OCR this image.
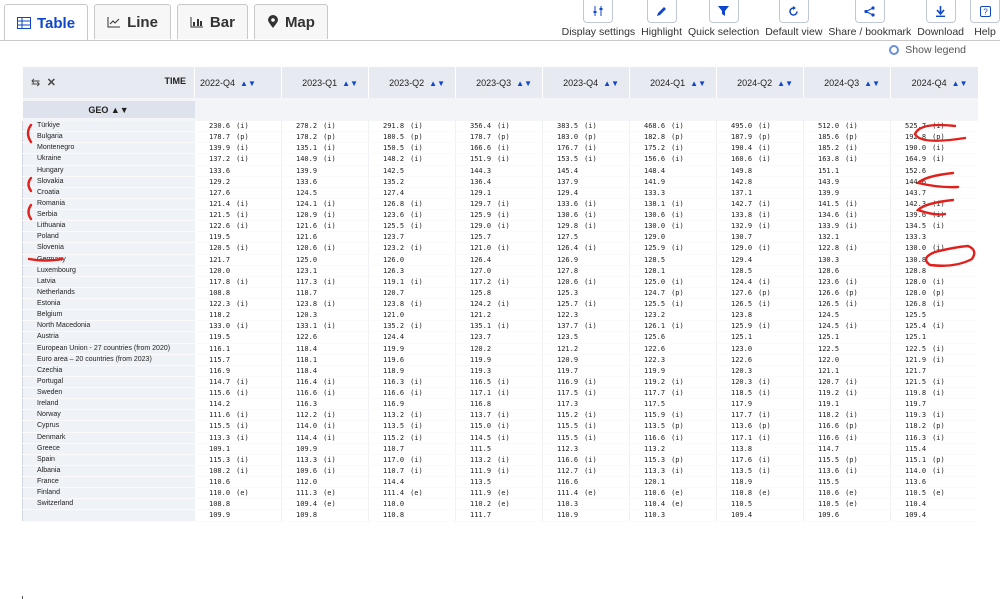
Table	Line	Bar	Map
Display settings Highlight Quick selection Default view Share / bookmark Download
?
Help
Show legend
⇆ ✕ TIME	2022-Q4 ▲▼	2023-Q1 ▲▼	2023-Q2 ▲▼	2023-Q3 ▲▼	2023-Q4 ▲▼	2024-Q1 ▲▼	2024-Q2 ▲▼	2024-Q3 ▲▼	2024-Q4 ▲▼

GEO ▲▼									

Türkiye	230.6 (i)	278.2 (i)	291.8 (i)	356.4 (i)	383.5 (i)	468.6 (i)	495.0 (i)	512.0 (i)	525.7 (i)
Bulgaria	178.7 (p)	178.2 (p)	180.5 (p)	178.7 (p)	183.0 (p)	182.8 (p)	187.9 (p)	185.6 (p)	192.8 (p)
Montenegro	139.9 (i)	135.1 (i)	150.5 (i)	166.6 (i)	176.7 (i)	175.2 (i)	190.4 (i)	185.2 (i)	190.0 (i)
Ukraine	137.2 (i)	140.9 (i)	148.2 (i)	151.9 (i)	153.5 (i)	156.6 (i)	160.6 (i)	163.8 (i)	164.9 (i)
Hungary	133.6	139.9	142.5	144.3	145.4	148.4	149.8	151.1	152.6
Slovakia	129.2	133.6	135.2	136.4	137.9	141.9	142.8	143.9	144.6
Croatia	127.6	124.5	127.4	129.1	129.4	133.3	137.1	139.9	143.7
Romania	121.4 (i)	124.1 (i)	126.8 (i)	129.7 (i)	133.6 (i)	138.1 (i)	142.7 (i)	141.5 (i)	142.3 (i)
Serbia	121.5 (i)	120.9 (i)	123.6 (i)	125.9 (i)	130.6 (i)	130.6 (i)	133.8 (i)	134.6 (i)	139.6 (i)
Lithuania	122.6 (i)	121.6 (i)	125.5 (i)	129.0 (i)	129.8 (i)	130.0 (i)	132.9 (i)	133.9 (i)	134.5 (i)
Poland	119.5	121.6	123.7	125.7	127.5	129.0	130.7	132.1	133.3
Slovenia	120.5 (i)	120.6 (i)	123.2 (i)	121.0 (i)	126.4 (i)	125.9 (i)	129.0 (i)	122.8 (i)	130.0 (i)
Germany	121.7	125.0	126.0	126.4	126.9	128.5	129.4	130.3	130.8
Luxembourg	120.0	123.1	126.3	127.0	127.8	128.1	128.5	128.6	128.8
Latvia	117.8 (i)	117.3 (i)	119.1 (i)	117.2 (i)	120.6 (i)	125.0 (i)	124.4 (i)	123.6 (i)	128.0 (i)
Netherlands	108.8	118.7	120.7	125.8	125.3	124.7 (p)	127.6 (p)	126.6 (p)	128.0 (p)
Estonia	122.3 (i)	123.8 (i)	123.8 (i)	124.2 (i)	125.7 (i)	125.5 (i)	126.5 (i)	126.5 (i)	126.8 (i)
Belgium	118.2	120.3	121.0	121.2	122.3	123.2	123.8	124.5	125.5
North Macedonia	133.0 (i)	133.1 (i)	135.2 (i)	135.1 (i)	137.7 (i)	126.1 (i)	125.9 (i)	124.5 (i)	125.4 (i)
Austria	119.5	122.6	124.4	123.7	123.5	125.6	125.1	125.1	125.1
European Union - 27 countries (from 2020)	116.1	118.4	119.9	120.2	121.2	122.6	123.0	122.5	122.5 (i)
Euro area – 20 countries (from 2023)	115.7	118.1	119.6	119.9	120.9	122.3	122.6	122.0	121.9 (i)
Czechia	116.9	118.4	118.9	119.3	119.7	119.9	120.3	121.1	121.7
Portugal	114.7 (i)	116.4 (i)	116.3 (i)	116.5 (i)	116.9 (i)	119.2 (i)	120.3 (i)	120.7 (i)	121.5 (i)
Sweden	115.6 (i)	116.6 (i)	116.6 (i)	117.1 (i)	117.5 (i)	117.7 (i)	118.5 (i)	119.2 (i)	119.8 (i)
Ireland	114.2	116.3	116.9	116.8	117.3	117.5	117.9	119.1	119.7
Norway	111.6 (i)	112.2 (i)	113.2 (i)	113.7 (i)	115.2 (i)	115.9 (i)	117.7 (i)	118.2 (i)	119.3 (i)
Cyprus	115.5 (i)	114.0 (i)	113.5 (i)	115.0 (i)	115.5 (i)	113.5 (p)	113.6 (p)	116.6 (p)	118.2 (p)
Denmark	113.3 (i)	114.4 (i)	115.2 (i)	114.5 (i)	115.5 (i)	116.6 (i)	117.1 (i)	116.6 (i)	116.3 (i)
Greece	109.1	109.9	110.7	111.5	112.3	113.2	113.8	114.7	115.4
Spain	115.3 (i)	113.3 (i)	117.0 (i)	113.2 (i)	116.6 (i)	115.3 (p)	117.6 (i)	115.5 (p)	115.1 (p)
Albania	108.2 (i)	109.6 (i)	110.7 (i)	111.9 (i)	112.7 (i)	113.3 (i)	113.5 (i)	113.6 (i)	114.0 (i)
France	110.6	112.0	114.4	113.5	116.6	120.1	118.9	115.5	113.6
Finland	110.0 (e)	111.3 (e)	111.4 (e)	111.9 (e)	111.4 (e)	110.6 (e)	110.8 (e)	110.6 (e)	110.5 (e)
Switzerland	108.8	109.4 (e)	110.0	110.2 (e)	110.3	110.4 (e)	110.5	110.5 (e)	110.4
	109.9	109.8	110.8	111.7	110.9	110.3	109.4	109.6	109.4
